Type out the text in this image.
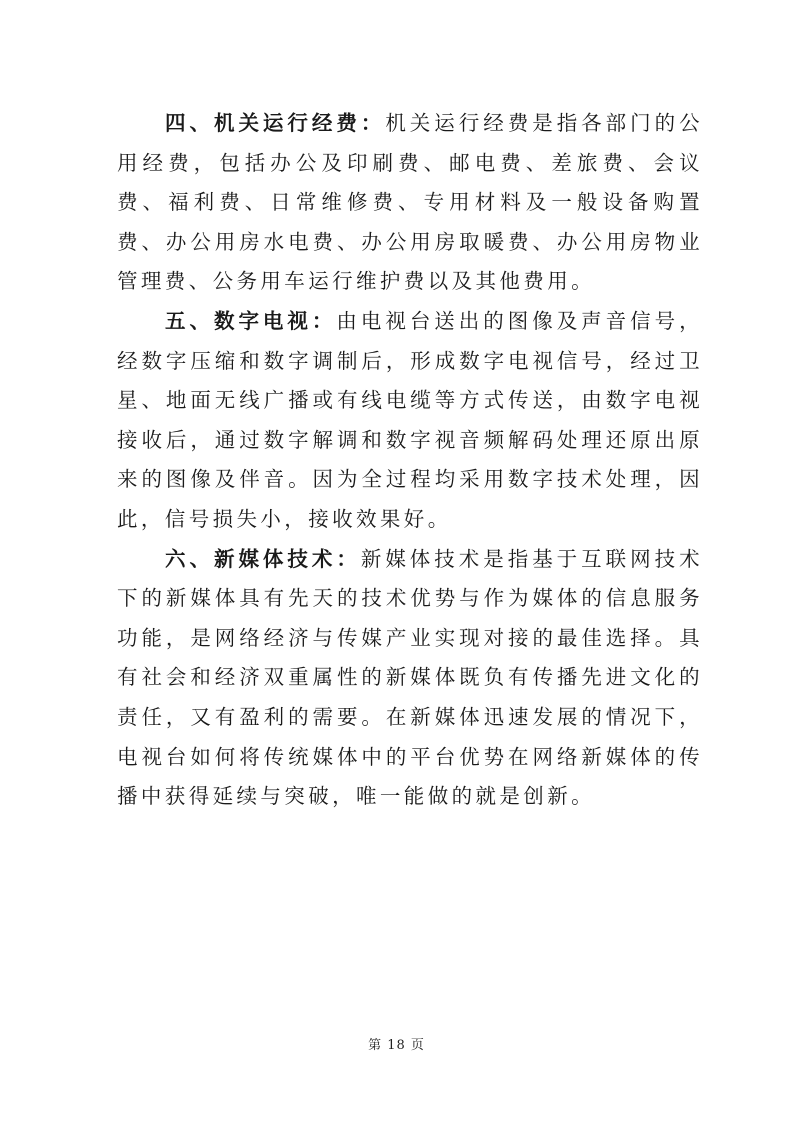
四、机关运行经费：机关运行经费是指各部门的公用经费，包括办公及印刷费、邮电费、差旅费、会议费、福利费、日常维修费、专用材料及一般设备购置费、办公用房水电费、办公用房取暖费、办公用房物业管理费、公务用车运行维护费以及其他费用。

五、数字电视：由电视台送出的图像及声音信号，经数字压缩和数字调制后，形成数字电视信号，经过卫星、地面无线广播或有线电缆等方式传送，由数字电视接收后，通过数字解调和数字视音频解码处理还原出原来的图像及伴音。因为全过程均采用数字技术处理，因此，信号损失小，接收效果好。

六、新媒体技术：新媒体技术是指基于互联网技术下的新媒体具有先天的技术优势与作为媒体的信息服务功能，是网络经济与传媒产业实现对接的最佳选择。具有社会和经济双重属性的新媒体既负有传播先进文化的责任，又有盈利的需要。在新媒体迅速发展的情况下，电视台如何将传统媒体中的平台优势在网络新媒体的传播中获得延续与突破，唯一能做的就是创新。

第 18 页
